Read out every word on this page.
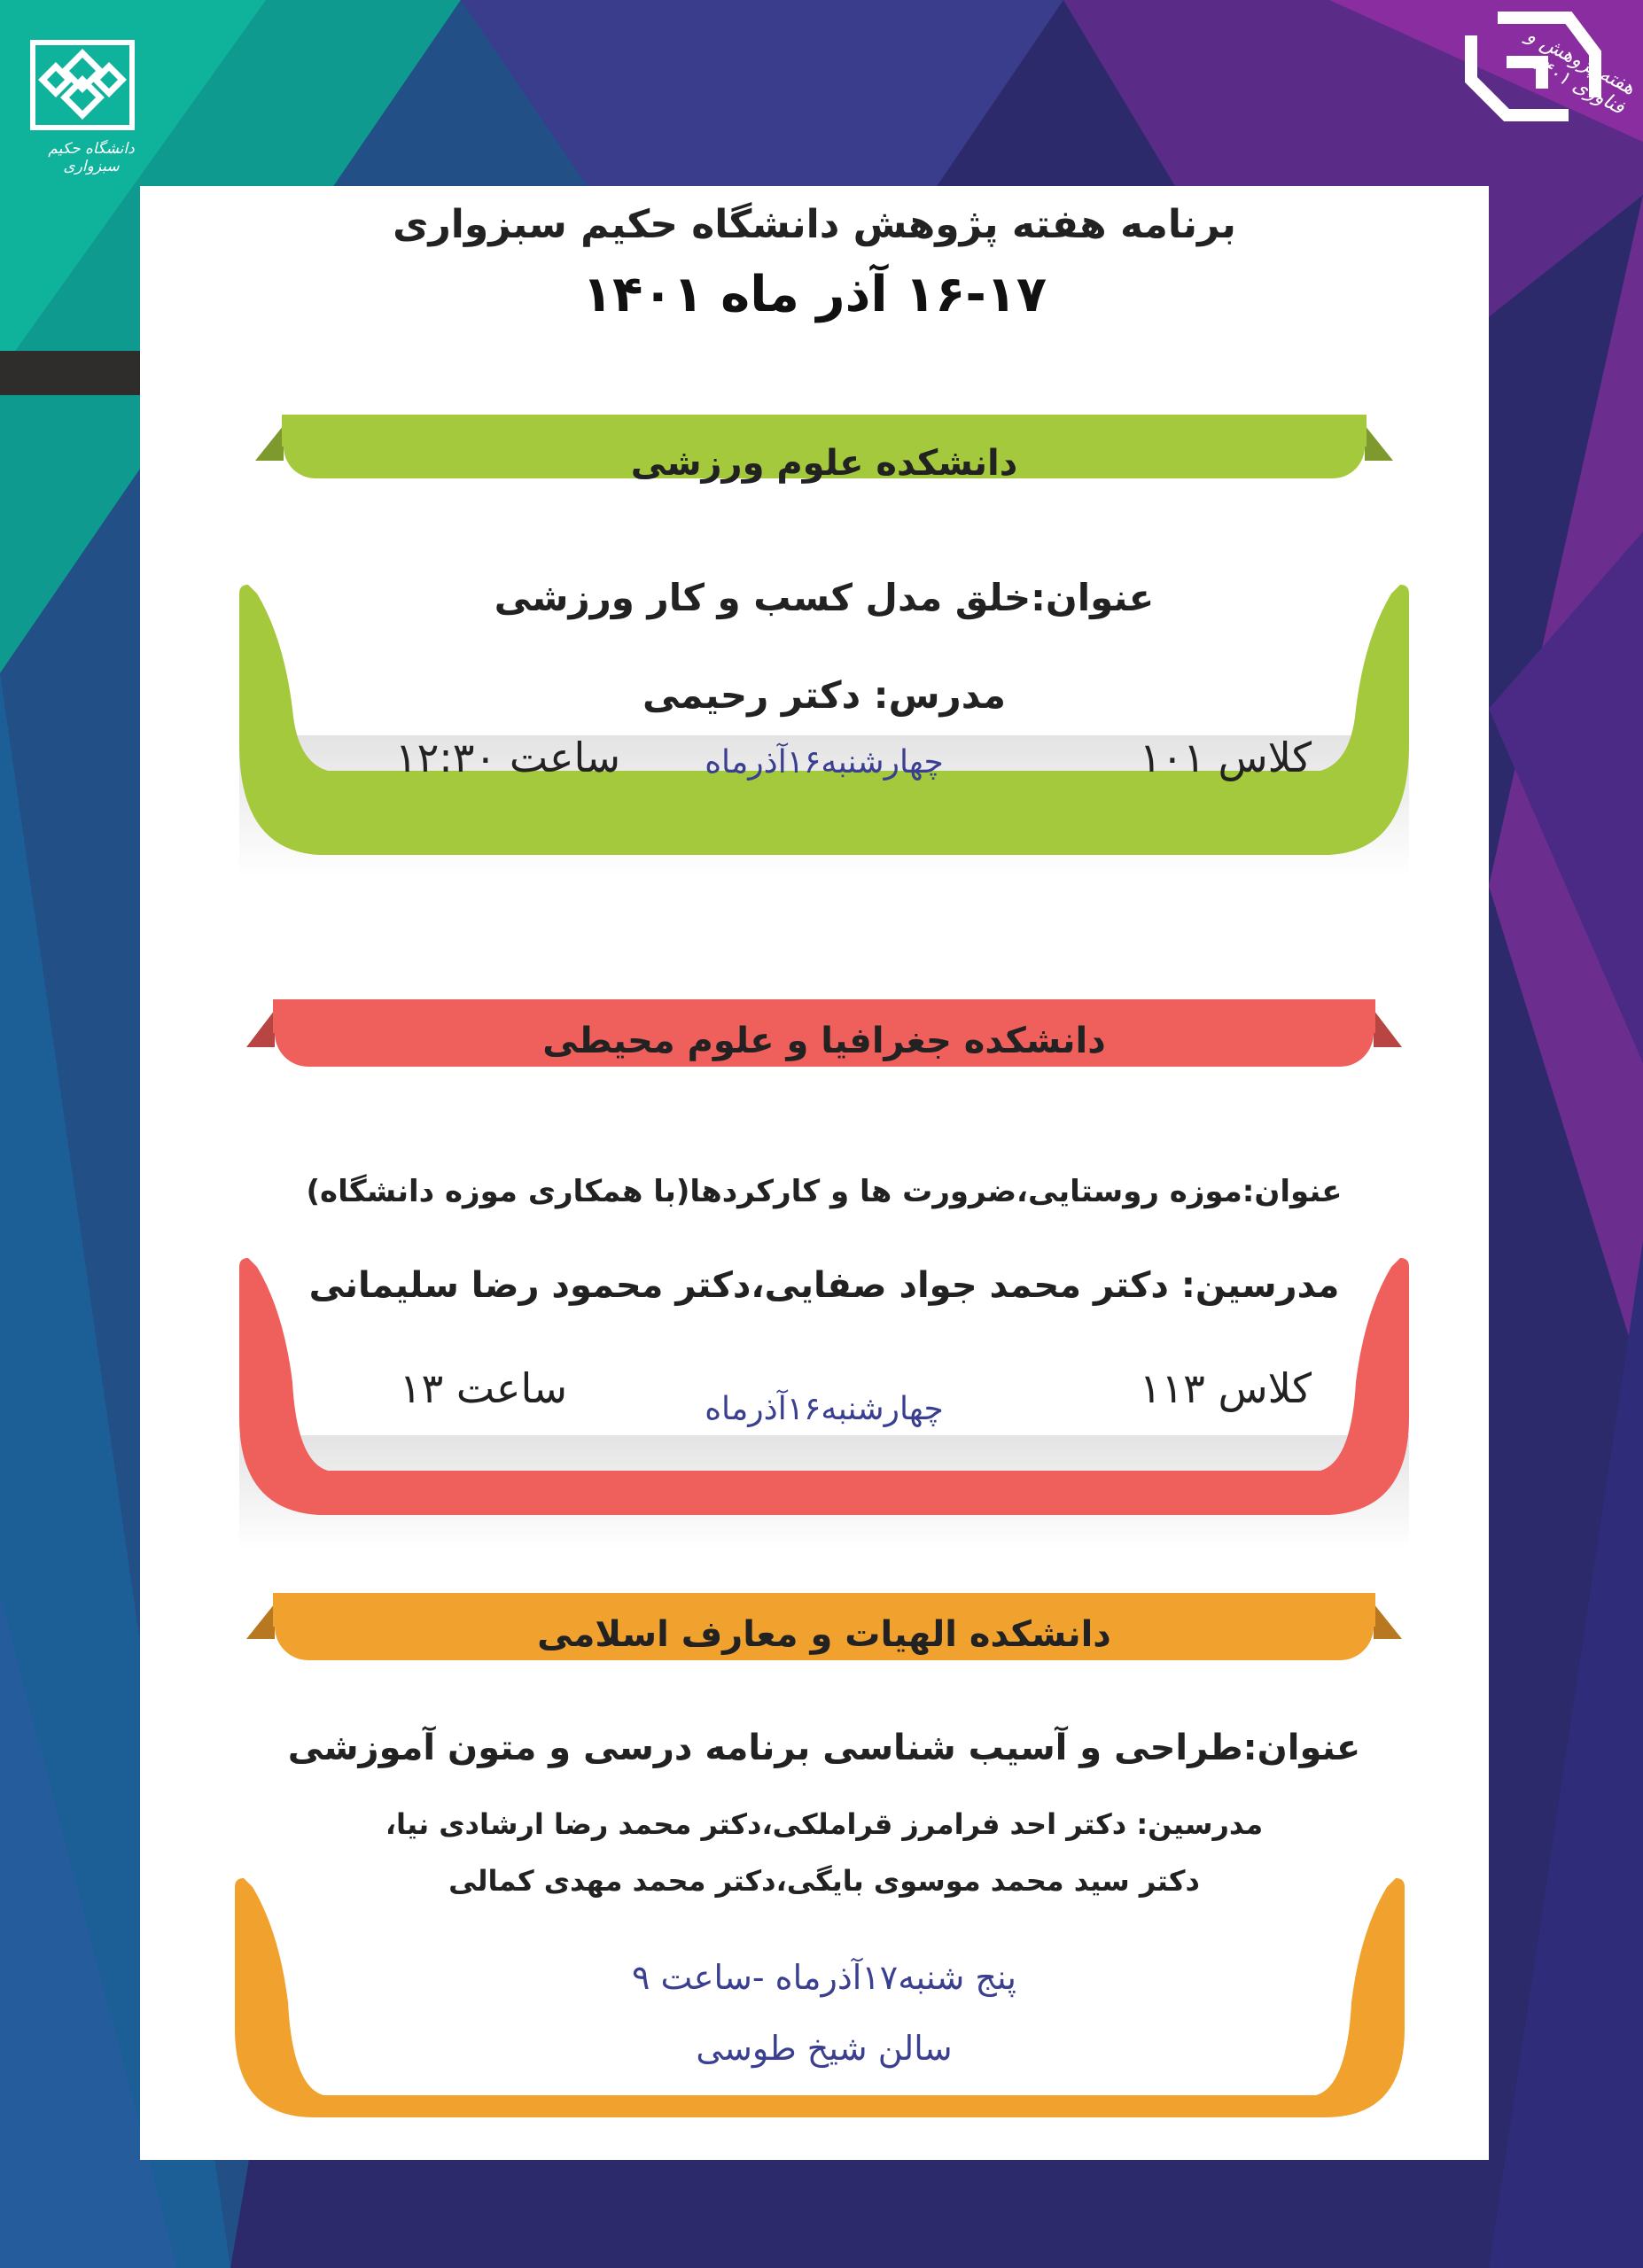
دانشگاه حکیم سبزواری
هفته پژوهش و فناوری ۱۴۰۱
برنامه هفته پژوهش دانشگاه حکیم سبزواری
۱۶-۱۷ آذر ماه ۱۴۰۱
دانشکده علوم ورزشی
عنوان:خلق مدل کسب و کار ورزشی
مدرس: دکتر رحیمی
کلاس ۱۰۱
چهارشنبه۱۶آذرماه
ساعت ۱۲:۳۰
دانشکده جغرافیا و علوم محیطی
عنوان:موزه روستایی،ضرورت ها و کارکردها(با همکاری موزه دانشگاه)
مدرسین: دکتر محمد جواد صفایی،دکتر محمود رضا سلیمانی
کلاس ۱۱۳
چهارشنبه۱۶آذرماه
ساعت ۱۳
دانشکده الهیات و معارف اسلامی
عنوان:طراحی و آسیب شناسی برنامه درسی و متون آموزشی
مدرسین: دکتر احد فرامرز قراملکی،دکتر محمد رضا ارشادی نیا،
دکتر سید محمد موسوی بایگی،دکتر محمد مهدی کمالی
پنج شنبه۱۷آذرماه -ساعت ۹
سالن شیخ طوسی
